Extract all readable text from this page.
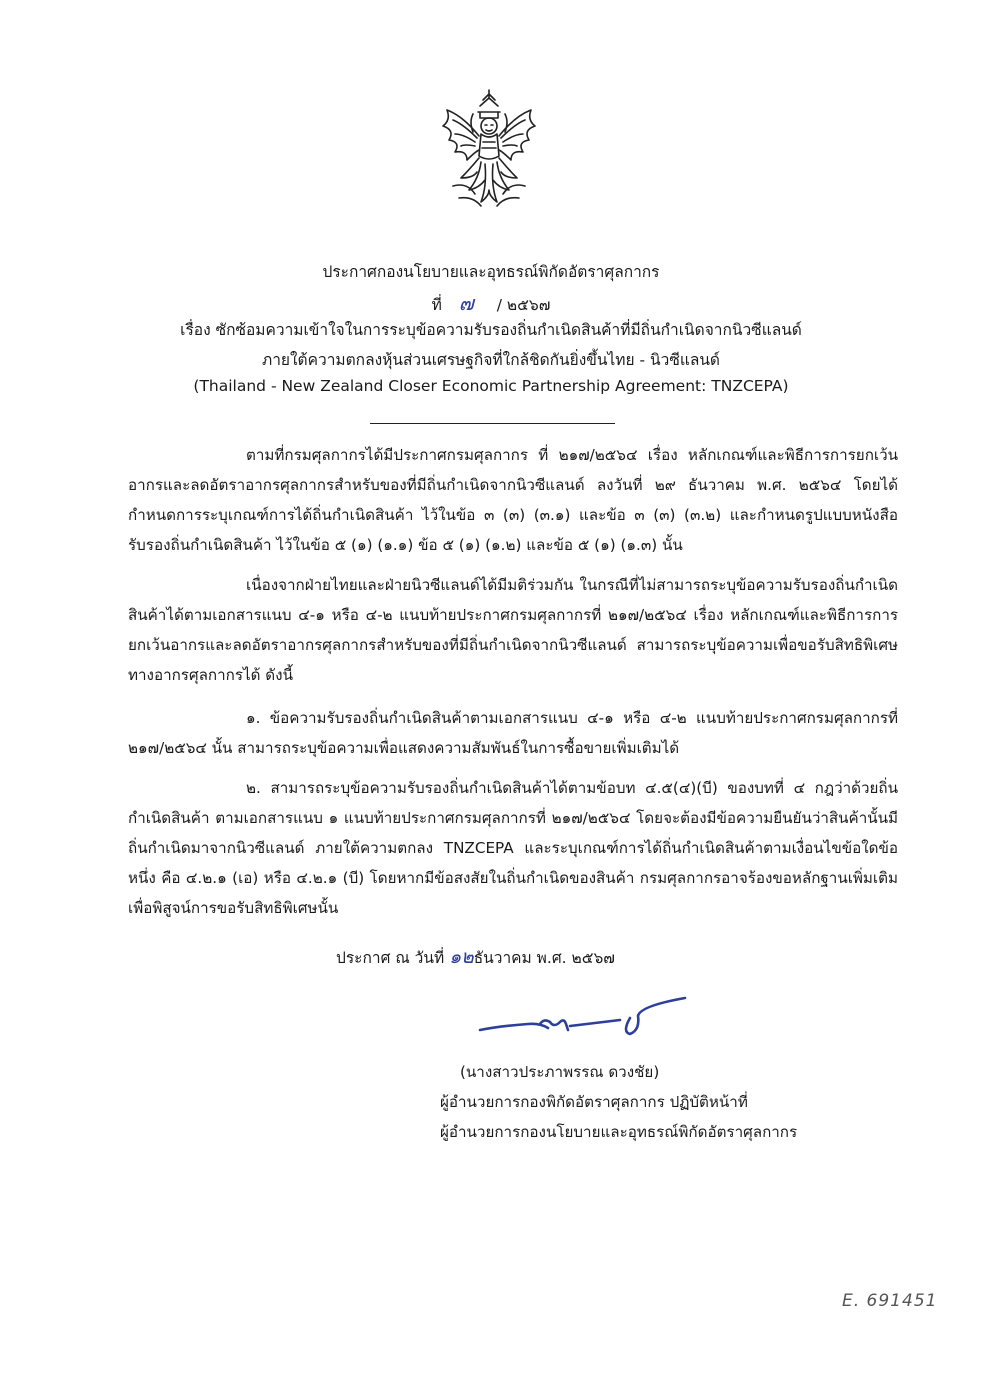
ประกาศกองนโยบายและอุทธรณ์พิกัดอัตราศุลกากร
ที่ ๗ / ๒๕๖๗
เรื่อง ซักซ้อมความเข้าใจในการระบุข้อความรับรองถิ่นกำเนิดสินค้าที่มีถิ่นกำเนิดจากนิวซีแลนด์
ภายใต้ความตกลงหุ้นส่วนเศรษฐกิจที่ใกล้ชิดกันยิ่งขึ้นไทย - นิวซีแลนด์
(Thailand - New Zealand Closer Economic Partnership Agreement: TNZCEPA)
ตามที่กรมศุลกากรได้มีประกาศกรมศุลกากร ที่ ๒๑๗/๒๕๖๔ เรื่อง หลักเกณฑ์และพิธีการการยกเว้นอากรและลดอัตราอากรศุลกากรสำหรับของที่มีถิ่นกำเนิดจากนิวซีแลนด์ ลงวันที่ ๒๙ ธันวาคม พ.ศ. ๒๕๖๔ โดยได้กำหนดการระบุเกณฑ์การได้ถิ่นกำเนิดสินค้า ไว้ในข้อ ๓ (๓) (๓.๑) และข้อ ๓ (๓) (๓.๒) และกำหนดรูปแบบหนังสือรับรองถิ่นกำเนิดสินค้า ไว้ในข้อ ๕ (๑) (๑.๑) ข้อ ๕ (๑) (๑.๒) และข้อ ๕ (๑) (๑.๓) นั้น
เนื่องจากฝ่ายไทยและฝ่ายนิวซีแลนด์ได้มีมติร่วมกัน ในกรณีที่ไม่สามารถระบุข้อความรับรองถิ่นกำเนิดสินค้าได้ตามเอกสารแนบ ๔-๑ หรือ ๔-๒ แนบท้ายประกาศกรมศุลกากรที่ ๒๑๗/๒๕๖๔ เรื่อง หลักเกณฑ์และพิธีการการยกเว้นอากรและลดอัตราอากรศุลกากรสำหรับของที่มีถิ่นกำเนิดจากนิวซีแลนด์ สามารถระบุข้อความเพื่อขอรับสิทธิพิเศษทางอากรศุลกากรได้ ดังนี้
๑. ข้อความรับรองถิ่นกำเนิดสินค้าตามเอกสารแนบ ๔-๑ หรือ ๔-๒ แนบท้ายประกาศกรมศุลกากรที่ ๒๑๗/๒๕๖๔ นั้น สามารถระบุข้อความเพื่อแสดงความสัมพันธ์ในการซื้อขายเพิ่มเติมได้
๒. สามารถระบุข้อความรับรองถิ่นกำเนิดสินค้าได้ตามข้อบท ๔.๕(๔)(บี) ของบทที่ ๔ กฎว่าด้วยถิ่นกำเนิดสินค้า ตามเอกสารแนบ ๑ แนบท้ายประกาศกรมศุลกากรที่ ๒๑๗/๒๕๖๔ โดยจะต้องมีข้อความยืนยันว่าสินค้านั้นมีถิ่นกำเนิดมาจากนิวซีแลนด์ ภายใต้ความตกลง TNZCEPA และระบุเกณฑ์การได้ถิ่นกำเนิดสินค้าตามเงื่อนไขข้อใดข้อหนึ่ง คือ ๔.๒.๑ (เอ) หรือ ๔.๒.๑ (บี) โดยหากมีข้อสงสัยในถิ่นกำเนิดของสินค้า กรมศุลกากรอาจร้องขอหลักฐานเพิ่มเติมเพื่อพิสูจน์การขอรับสิทธิพิเศษนั้น
ประกาศ ณ วันที่ ๑๒ธันวาคม พ.ศ. ๒๕๖๗
(นางสาวประภาพรรณ ดวงชัย)
ผู้อำนวยการกองพิกัดอัตราศุลกากร ปฏิบัติหน้าที่
ผู้อำนวยการกองนโยบายและอุทธรณ์พิกัดอัตราศุลกากร
E. 691451
